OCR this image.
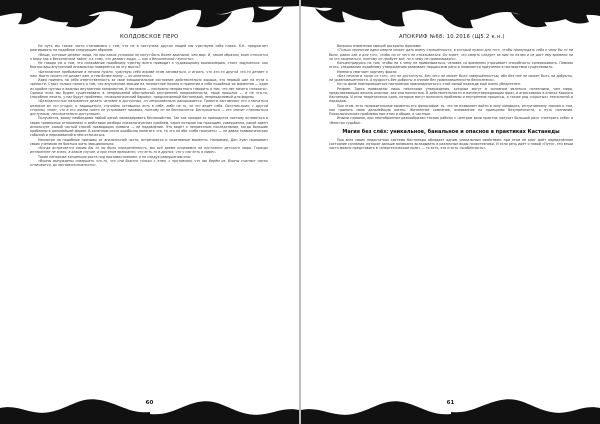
КОЛДОВСКОЕ ПЕРО

На путь мы также часто становимся с тем, что не в поступках других людей мы чувствуем себя плохо. К.К. предлагает реагировать на подобное следующим образом:

«Вещи, которые делают люди, ни при каких условиях не могут быть более важными, чем мир. И, таким образом, воин относится к миру как к бесконечной тайне, а к тому, что делают люди, — как к бесконечной глупости».

Не говоря уж о том, что следование подобному чувству всего приводит к чудовищному высокомерию, стоит задуматься: как быстро ваш внутренний инквизитор повернётся на эту мысль?

«Безопасное пребывание в печали нужно, чувствую себя вправе этим заниматься, и играть, что кто-то другой что-то делает к нам. Никто ничего не делает нам, а тем более воину — он искатель».

Идея принять на себя ответственность за своё эмоциональное состояние действительно хороша, это первый шаг на пути к зрелости. Стоит только понять о том, что внутренние эмоции на личностное начало и принятие в себе подобных их моментов — один из крайне путных и важных внутренних конфликтов. И несложно — несложно неприятного говорить о том, что нет ничего «плохого». Однако если мы будем существовать в непрерывной обострённой внутренней напряжённости, наше прошлое — и не что-то, способное лечить, у нас будут проблемы, «психологический барьер», предсказанный Кастанедой, непреодолимый для формы.

«Безопасностью называется делать человек в доступных, он непроизвольно раскрывается. Тревоги заставляют его отличаться целиком во что угодно, и защищаться, случайно оставшись есть в себе, либо на то, за что ведёт себя. Охотник-воин, с другой стороны, знает, что в его жизни никто не устраивает никаких, поэтому он не беспокоится. Беспокоиться — это значит становиться доступным, несознательно доступным».

Получается, воину необходимо любой ценой ликвидировать беспокойство. Так как каждое-то приходится поэтому оставаться в своих тревожных отношениях и действиях разбора психологических проблем, через которые мы проходим, совершенно, какой адепт использует самый частый способ ликвидации тревоги — её подавление. Это ведёт к неприятным последствиям, когда большие проблемы в дальнейшей форме. В конечном итоге ошибочно полагать что, то что он обо «себе поиграть» — не давая травматических событий и переживаний в нём отличаться.

Несмотря на подобные призывы от аналогичной части, встречаются и позитивные моменты. Например, Дон Хуан призывает своих учеников не бояться жить эмоционально:

«Когда встречается каким бы то ни было определённость, мы всё время опираемся на постоянно детского мира. Гораздо интереснее не знать, в каком случае, и при этом прекрасно, что есть-то в других, что у нас есть в мире».

Такие непохожа концепция роста под противостоянием, а не следуя разрушению она:

«Воины вынуждены совершать что-то, что они бьются только с этим, с противным, что мы берём из. Воины считают черты отличаются, до противоположности».

60
АПОКРИФ №68: 10.2016 (Щ5.2 к.н.)

Вопросы изменения эмоций раскрыты фразами:

«Только принятие идеи смерти может дать воину отрешённость, в которой нужно для того, чтобы принуждать себя к чему бы то ни было, равно как и для того, чтобы ни от чего не отказываться. Он знает, что смерть следует за ним по пятам и не даст ему времени ни за что зацепиться, поэтому он пробует всё, но к чему не привязываясь».

Концентрируясь на том, чтобы ни к чему не привязываться, человек со временем утрачивает способность сопереживать. Помимо этого, следование подобному утверждению развивает нарциссизм рано и появляется приучение в последствии существовать.

Немного смягчает картину фраза:

«Без печали и тоски от того, что не достигнуть. Без чего не может быть завершённостью, ибо без неё не может быть ни добрыты, ни уравновешенности. А мудрость без доброты и знание без уравновешенности бесполезны».

Но на фоне повторяющегося настроения присоединиться к этой самой надежде ещё очень убедителен.

Резюме. Здесь приведены лишь некоторые утверждения, которые могут в основном являться полезными, чем мира, представляющих весьма опасные, как они полностью. В действительности и жизнеутверждающих фраз, и агрессивных в книгах Карлоса Кастанеды. И если теоретически одно, которые могут включать проблемы и внутренние процессы, а также ряд «скрытых» технологий и подходов.

При этом, есть положительные моменты его философии: то, что не позволяет войти в зону комфорта, интуитивному знанию о том, как принять свою дальнейшую жизнь. Жизненное сомнение, основанное на принципах безупречности, о путь познания. Психологические проблемы при этом и общие, и частные.

Иными словами, при неотобранном разнообразии техник работы с центром воли практик получит большой риск «потерять себя» в «блестах судьбы».

Магия без слёз: уникальное, банальное и опасное в практиках Кастанеды

При всех своих недостатках система Кастанеды обладает одним уникальным свойством: при этом её книг даёт определённое состояние сознания, которое дальше возможно вкладывать в различные виды психотехники. И если речь идёт о новой «Пути», эти вещи часто можно представить в «энергетическом поле» — то есть, это и есть «особенность».

61
